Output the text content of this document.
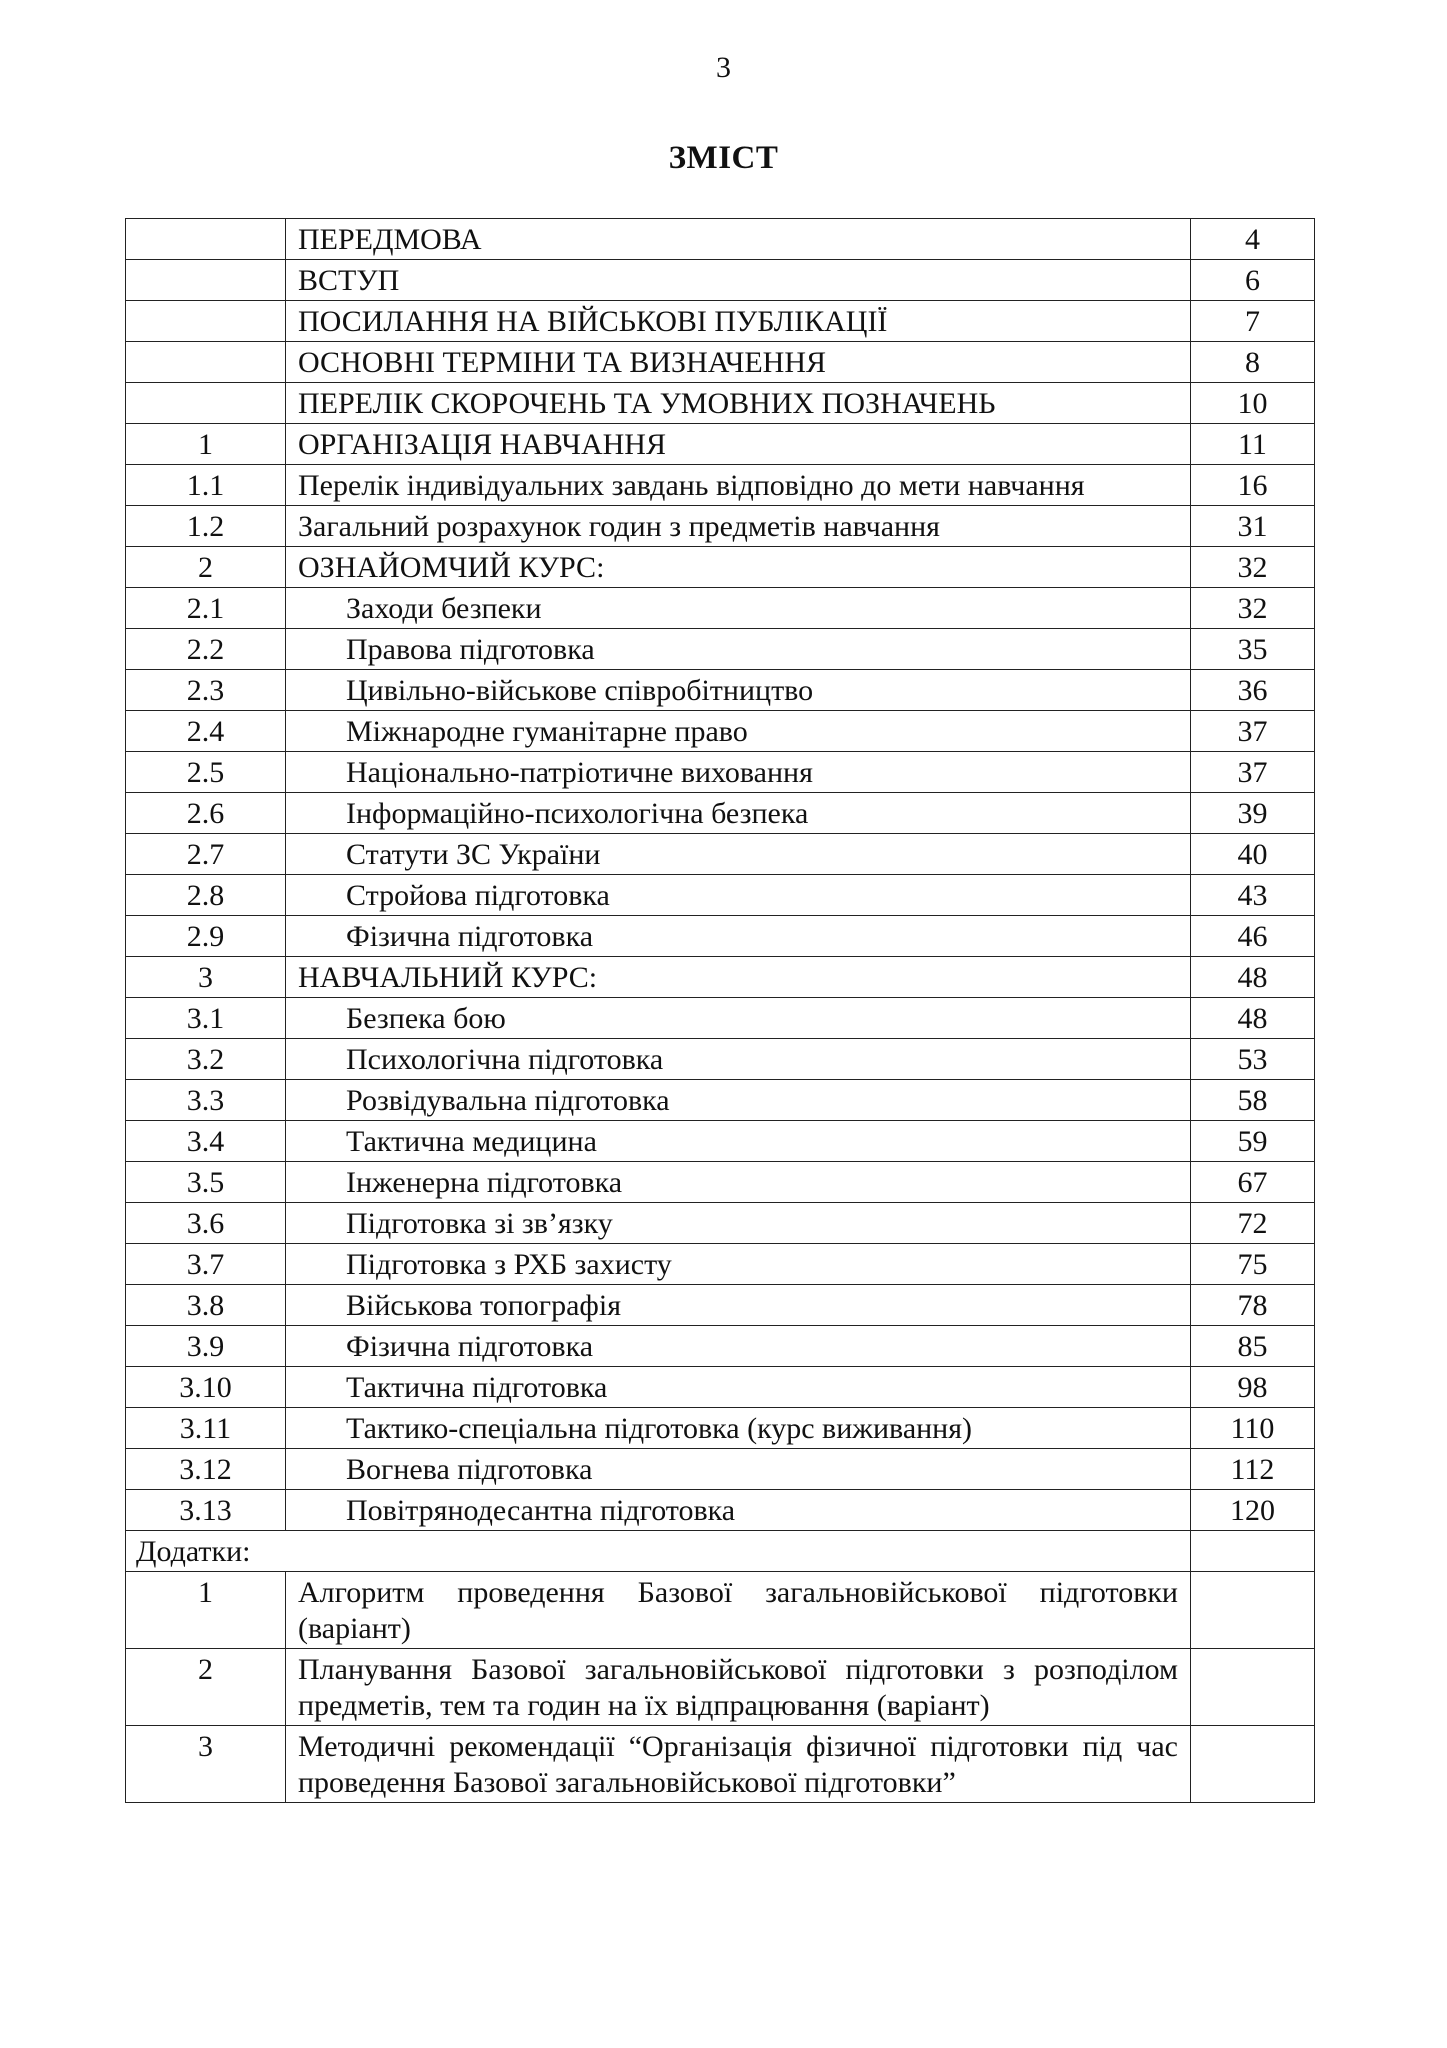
3
ЗМІСТ
	ПЕРЕДМОВА	4
	ВСТУП	6
	ПОСИЛАННЯ НА ВІЙСЬКОВІ ПУБЛІКАЦІЇ	7
	ОСНОВНІ ТЕРМІНИ ТА ВИЗНАЧЕННЯ	8
	ПЕРЕЛІК СКОРОЧЕНЬ ТА УМОВНИХ ПОЗНАЧЕНЬ	10
1	ОРГАНІЗАЦІЯ НАВЧАННЯ	11
1.1	Перелік індивідуальних завдань відповідно до мети навчання	16
1.2	Загальний розрахунок годин з предметів навчання	31
2	ОЗНАЙОМЧИЙ КУРС:	32
2.1	Заходи безпеки	32
2.2	Правова підготовка	35
2.3	Цивільно-військове співробітництво	36
2.4	Міжнародне гуманітарне право	37
2.5	Національно-патріотичне виховання	37
2.6	Інформаційно-психологічна безпека	39
2.7	Статути ЗС України	40
2.8	Стройова підготовка	43
2.9	Фізична підготовка	46
3	НАВЧАЛЬНИЙ КУРС:	48
3.1	Безпека бою	48
3.2	Психологічна підготовка	53
3.3	Розвідувальна підготовка	58
3.4	Тактична медицина	59
3.5	Інженерна підготовка	67
3.6	Підготовка зі зв’язку	72
3.7	Підготовка з РХБ захисту	75
3.8	Військова топографія	78
3.9	Фізична підготовка	85
3.10	Тактична підготовка	98
3.11	Тактико-спеціальна підготовка (курс виживання)	110
3.12	Вогнева підготовка	112
3.13	Повітрянодесантна підготовка	120
Додатки:		
1	Алгоритм проведення Базової загальновійськової підготовки (варіант)	
2	Планування Базової загальновійськової підготовки з розподілом предметів, тем та годин на їх відпрацювання (варіант)	
3	Методичні рекомендації “Організація фізичної підготовки під час проведення Базової загальновійськової підготовки”	
